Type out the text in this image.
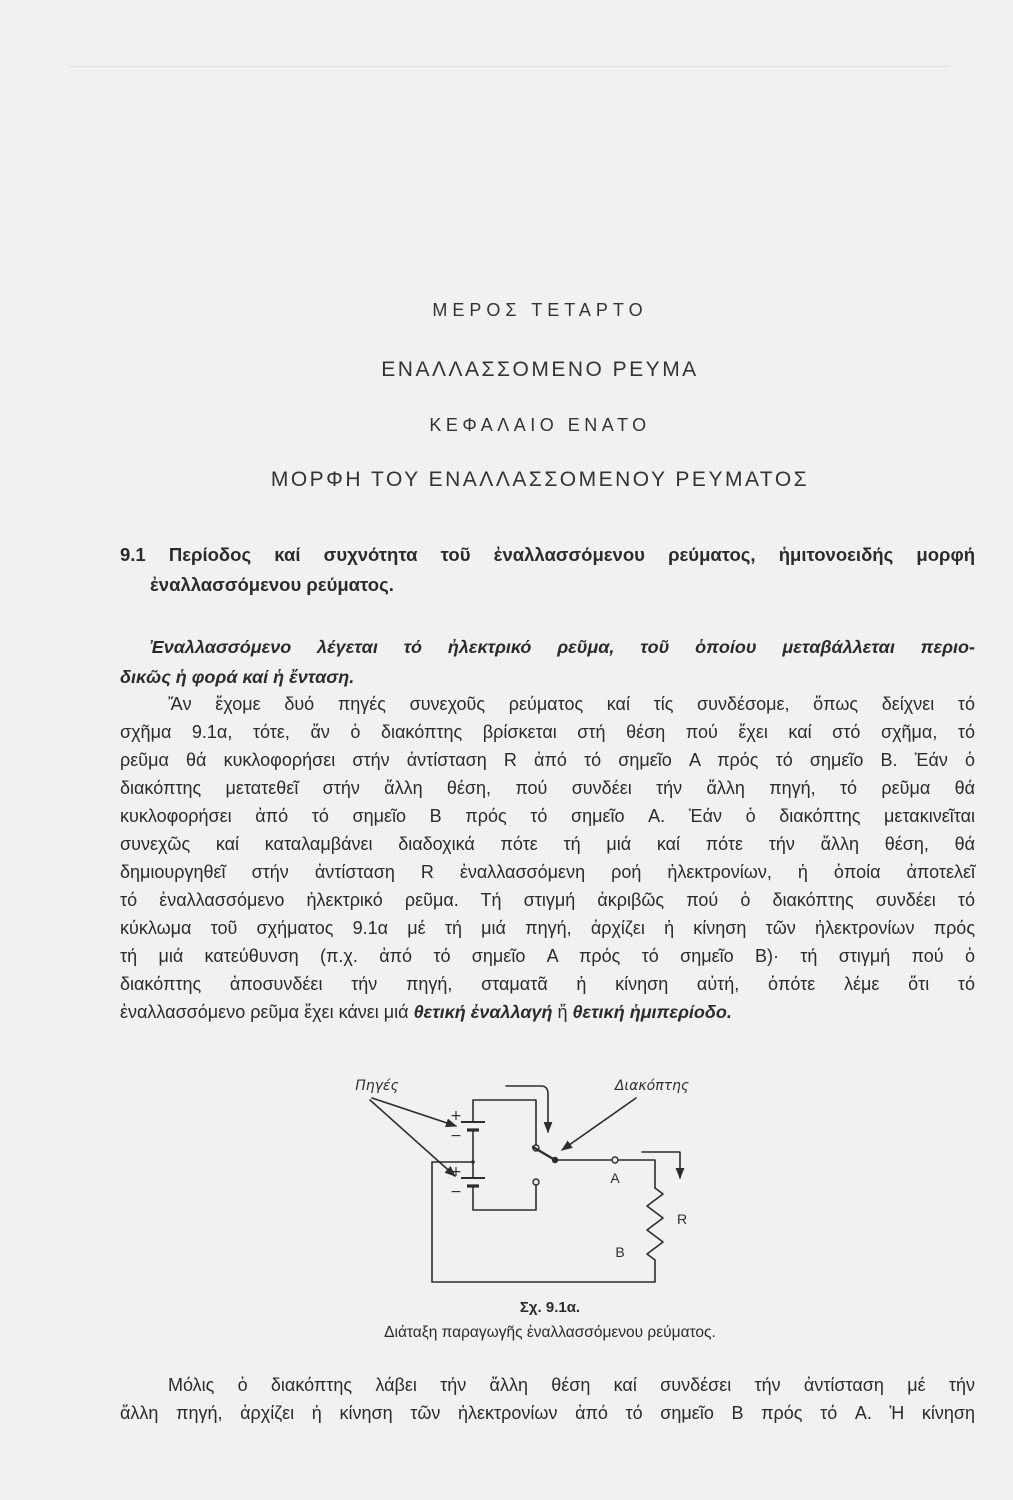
ΜΕΡΟΣ ΤΕΤΑΡΤΟ
ΕΝΑΛΛΑΣΣΟΜΕΝΟ ΡΕΥΜΑ
ΚΕΦΑΛΑΙΟ ΕΝΑΤΟ
ΜΟΡΦΗ ΤΟΥ ΕΝΑΛΛΑΣΣΟΜΕΝΟΥ ΡΕΥΜΑΤΟΣ
9.1 Περίοδος καί συχνότητα τοῦ ἐναλλασσόμενου ρεύματος, ἡμιτονοειδής μορφή
ἐναλλασσόμενου ρεύματος.
Ἐναλλασσόμενο λέγεται τό ἠλεκτρικό ρεῦμα, τοῦ ὁποίου μεταβάλλεται περιο-
δικῶς ἡ φορά καί ἡ ἔνταση.
Ἄν ἔχομε δυό πηγές συνεχοῦς ρεύματος καί τίς συνδέσομε, ὅπως δείχνει τό
σχῆμα 9.1α, τότε, ἄν ὁ διακόπτης βρίσκεται στή θέση πού ἔχει καί στό σχῆμα, τό
ρεῦμα θά κυκλοφορήσει στήν ἀντίσταση R ἀπό τό σημεῖο A πρός τό σημεῖο B. Ἐάν ὁ
διακόπτης μετατεθεῖ στήν ἄλλη θέση, πού συνδέει τήν ἄλλη πηγή, τό ρεῦμα θά
κυκλοφορήσει ἀπό τό σημεῖο B πρός τό σημεῖο A. Ἐάν ὁ διακόπτης μετακινεῖται
συνεχῶς καί καταλαμβάνει διαδοχικά πότε τή μιά καί πότε τήν ἄλλη θέση, θά
δημιουργηθεῖ στήν ἀντίσταση R ἐναλλασσόμενη ροή ἠλεκτρονίων, ἡ ὁποία ἀποτελεῖ
τό ἐναλλασσόμενο ἠλεκτρικό ρεῦμα. Τή στιγμή ἀκριβῶς πού ὁ διακόπτης συνδέει τό
κύκλωμα τοῦ σχήματος 9.1α μέ τή μιά πηγή, ἀρχίζει ἡ κίνηση τῶν ἠλεκτρονίων πρός
τή μιά κατεύθυνση (π.χ. ἀπό τό σημεῖο A πρός τό σημεῖο B)· τή στιγμή πού ὁ
διακόπτης ἀποσυνδέει τήν πηγή, σταματᾶ ἡ κίνηση αὐτή, ὁπότε λέμε ὅτι τό
ἐναλλασσόμενο ρεῦμα ἔχει κάνει μιά θετική ἐναλλαγή ἤ θετική ἡμιπερίοδο.
Πηγές	Διακόπτης
+
−
+
−
A
B
R
Σχ. 9.1α.
Διάταξη παραγωγῆς ἐναλλασσόμενου ρεύματος.
Μόλις ὁ διακόπτης λάβει τήν ἄλλη θέση καί συνδέσει τήν ἀντίσταση μέ τήν
ἄλλη πηγή, ἀρχίζει ἡ κίνηση τῶν ἠλεκτρονίων ἀπό τό σημεῖο B πρός τό A. Ἡ κίνηση
